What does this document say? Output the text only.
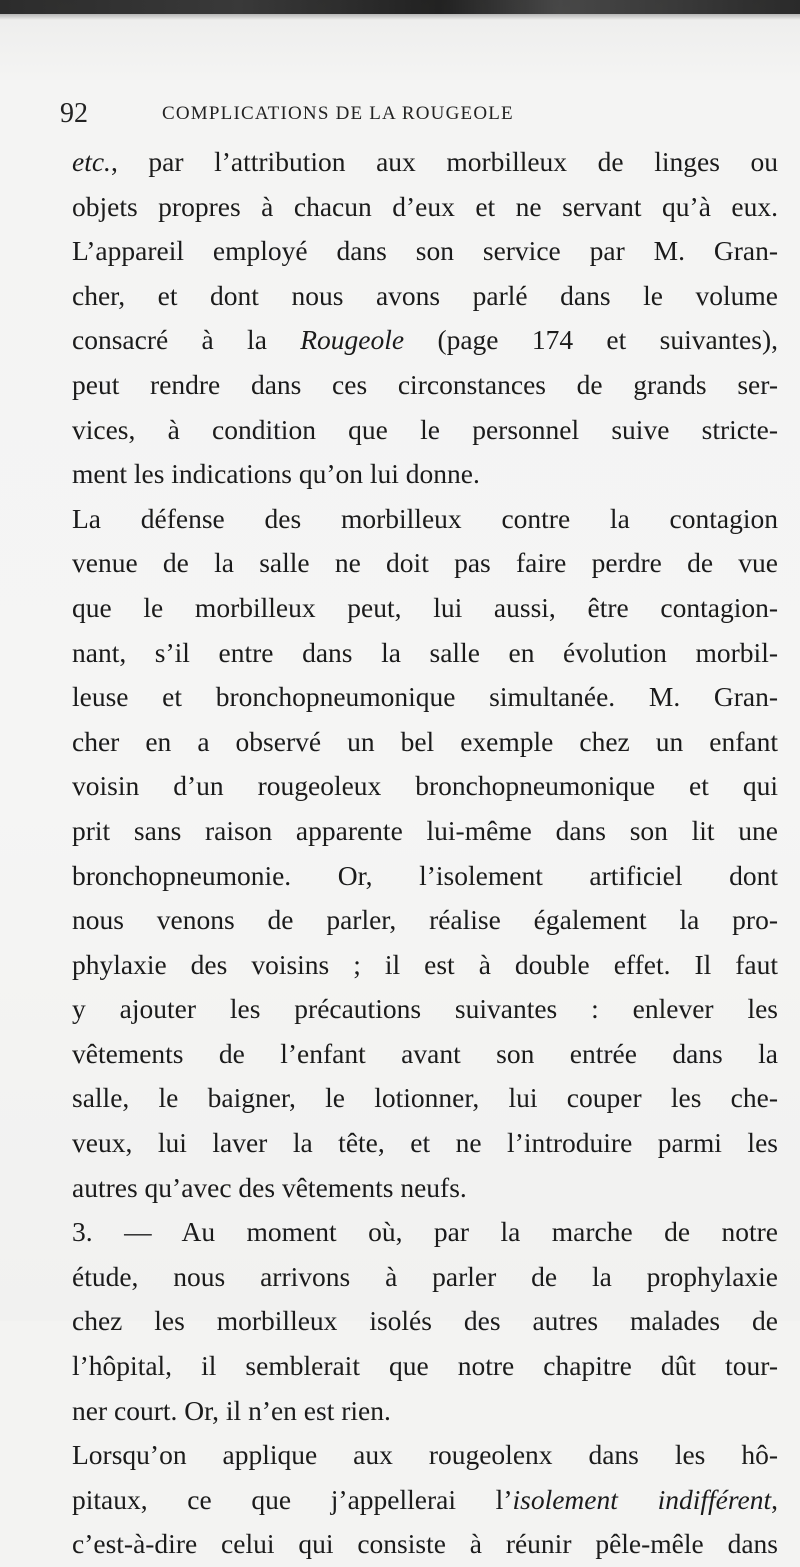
92	COMPLICATIONS DE LA ROUGEOLE
etc., par l’attribution aux morbilleux de linges ou
objets propres à chacun d’eux et ne servant qu’à eux.
L’appareil employé dans son service par M. Gran-
cher, et dont nous avons parlé dans le volume
consacré à la Rougeole (page 174 et suivantes),
peut rendre dans ces circonstances de grands ser-
vices, à condition que le personnel suive stricte-
ment les indications qu’on lui donne.
La défense des morbilleux contre la contagion
venue de la salle ne doit pas faire perdre de vue
que le morbilleux peut, lui aussi, être contagion-
nant, s’il entre dans la salle en évolution morbil-
leuse et bronchopneumonique simultanée. M. Gran-
cher en a observé un bel exemple chez un enfant
voisin d’un rougeoleux bronchopneumonique et qui
prit sans raison apparente lui-même dans son lit une
bronchopneumonie. Or, l’isolement artificiel dont
nous venons de parler, réalise également la pro-
phylaxie des voisins ; il est à double effet. Il faut
y ajouter les précautions suivantes : enlever les
vêtements de l’enfant avant son entrée dans la
salle, le baigner, le lotionner, lui couper les che-
veux, lui laver la tête, et ne l’introduire parmi les
autres qu’avec des vêtements neufs.
3. — Au moment où, par la marche de notre
étude, nous arrivons à parler de la prophylaxie
chez les morbilleux isolés des autres malades de
l’hôpital, il semblerait que notre chapitre dût tour-
ner court. Or, il n’en est rien.
Lorsqu’on applique aux rougeolenx dans les hô-
pitaux, ce que j’appellerai l’isolement indifférent,
c’est-à-dire celui qui consiste à réunir pêle-mêle dans
